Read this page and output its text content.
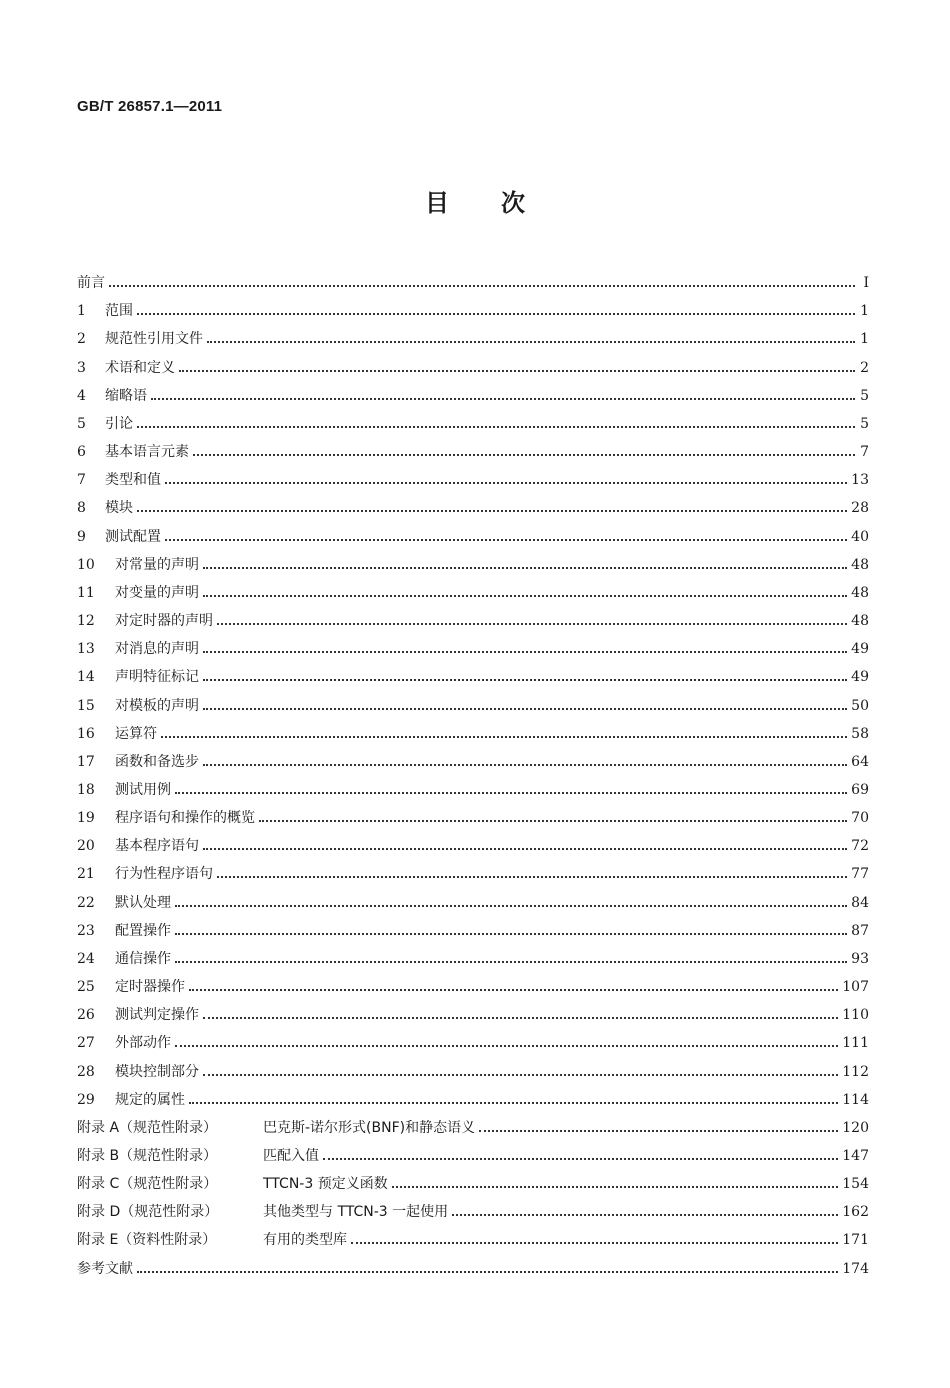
GB/T 26857.1—2011
目次
前言	I
1	范围	1
2	规范性引用文件	1
3	术语和定义	2
4	缩略语	5
5	引论	5
6	基本语言元素	7
7	类型和值	13
8	模块	28
9	测试配置	40
10	对常量的声明	48
11	对变量的声明	48
12	对定时器的声明	48
13	对消息的声明	49
14	声明特征标记	49
15	对模板的声明	50
16	运算符	58
17	函数和备选步	64
18	测试用例	69
19	程序语句和操作的概览	70
20	基本程序语句	72
21	行为性程序语句	77
22	默认处理	84
23	配置操作	87
24	通信操作	93
25	定时器操作	107
26	测试判定操作	110
27	外部动作	111
28	模块控制部分	112
29	规定的属性	114
附录 A（规范性附录）	巴克斯-诺尔形式(BNF)和静态语义	120
附录 B（规范性附录）	匹配入值	147
附录 C（规范性附录）	TTCN-3 预定义函数	154
附录 D（规范性附录）	其他类型与 TTCN-3 一起使用	162
附录 E（资料性附录）	有用的类型库	171
参考文献	174
